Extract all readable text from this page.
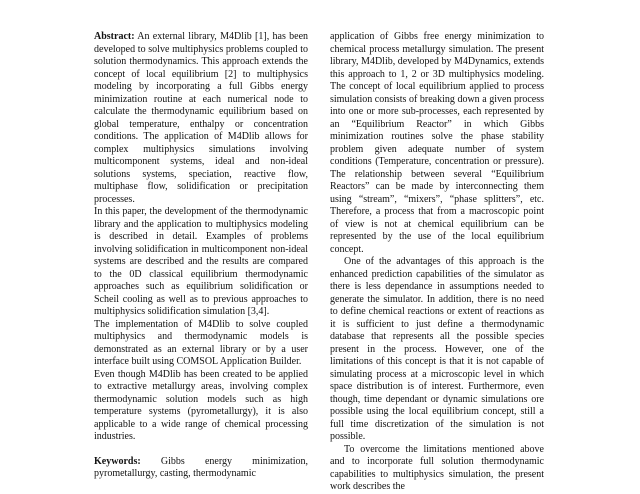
Abstract: An external library, M4Dlib [1], has been developed to solve multiphysics problems coupled to solution thermodynamics. This approach extends the concept of local equilibrium [2] to multiphysics modeling by incorporating a full Gibbs energy minimization routine at each numerical node to calculate the thermodynamic equilibrium based on global temperature, enthalpy or concentration conditions. The application of M4Dlib allows for complex multiphysics simulations involving multicomponent systems, ideal and non-ideal solutions systems, speciation, reactive flow, multiphase flow, solidification or precipitation processes.

In this paper, the development of the thermodynamic library and the application to multiphysics modeling is described in detail. Examples of problems involving solidification in multicomponent non-ideal systems are described and the results are compared to the 0D classical equilibrium thermodynamic approaches such as equilibrium solidification or Scheil cooling as well as to previous approaches to multiphysics solidification simulation [3,4].

The implementation of M4Dlib to solve coupled multiphysics and thermodynamic models is demonstrated as an external library or by a user interface built using COMSOL Application Builder.

Even though M4Dlib has been created to be applied to extractive metallurgy areas, involving complex thermodynamic solution models such as high temperature systems (pyrometallurgy), it is also applicable to a wide range of chemical processing industries.

Keywords: Gibbs energy minimization, pyrometallurgy, casting, thermodynamic

application of Gibbs free energy minimization to chemical process metallurgy simulation. The present library, M4Dlib, developed by M4Dynamics, extends this approach to 1, 2 or 3D multiphysics modeling. The concept of local equilibrium applied to process simulation consists of breaking down a given process into one or more sub-processes, each represented by an “Equilibrium Reactor” in which Gibbs minimization routines solve the phase stability problem given adequate number of system conditions (Temperature, concentration or pressure). The relationship between several “Equilibrium Reactors” can be made by interconnecting them using “stream”, “mixers”, “phase splitters”, etc. Therefore, a process that from a macroscopic point of view is not at chemical equilibrium can be represented by the use of the local equilibrium concept.

One of the advantages of this approach is the enhanced prediction capabilities of the simulator as there is less dependance in assumptions needed to generate the simulator. In addition, there is no need to define chemical reactions or extent of reactions as it is sufficient to just define a thermodynamic database that represents all the possible species present in the process. However, one of the limitations of this concept is that it is not capable of simulating process at a microscopic level in which space distribution is of interest. Furthermore, even though, time dependant or dynamic simulations ore possible using the local equilibrium concept, still a full time discretization of the simulation is not possible.

To overcome the limitations mentioned above and to incorporate full solution thermodynamic capabilities to multiphysics simulation, the present work describes the
